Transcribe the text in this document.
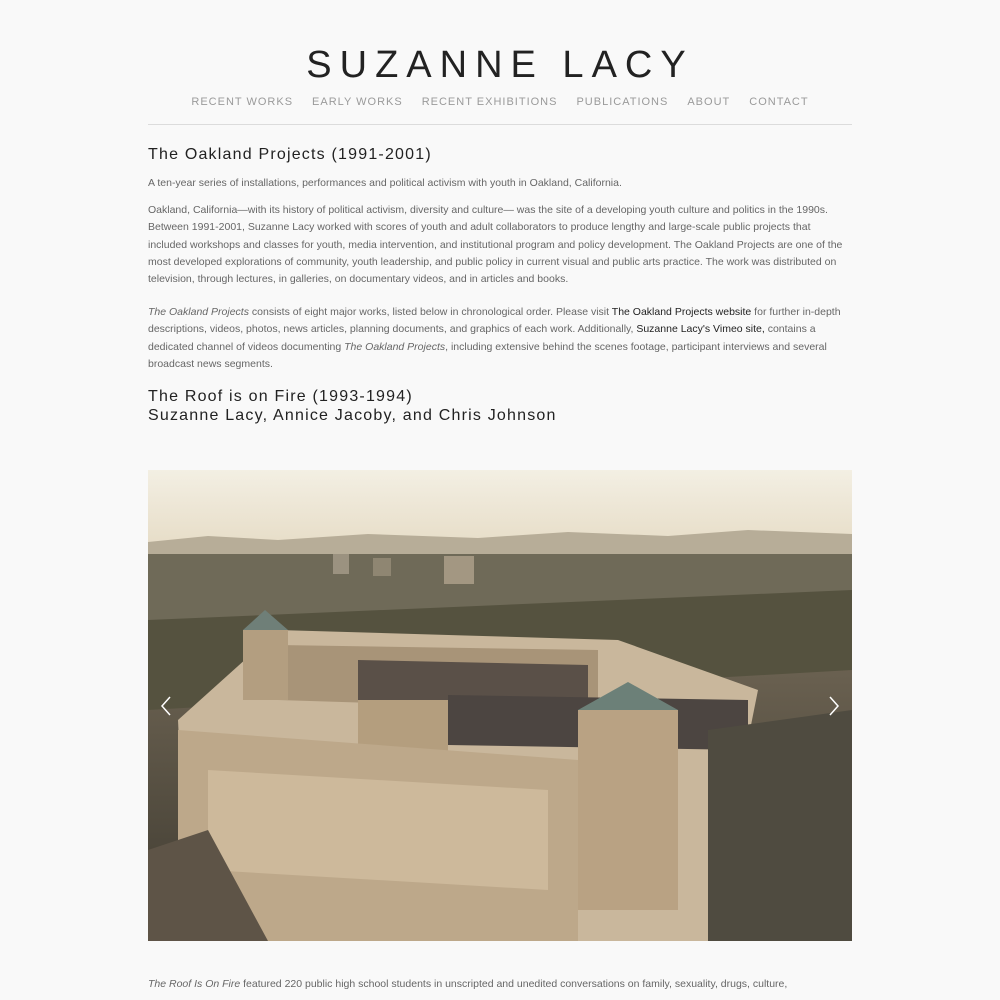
SUZANNE LACY
RECENT WORKS EARLY WORKS RECENT EXHIBITIONS PUBLICATIONS ABOUT CONTACT
The Oakland Projects (1991-2001)

A ten-year series of installations, performances and political activism with youth in Oakland, California.

Oakland, California—with its history of political activism, diversity and culture— was the site of a developing youth culture and politics in the 1990s. Between 1991-2001, Suzanne Lacy worked with scores of youth and adult collaborators to produce lengthy and large-scale public projects that included workshops and classes for youth, media intervention, and institutional program and policy development. The Oakland Projects are one of the most developed explorations of community, youth leadership, and public policy in current visual and public arts practice. The work was distributed on television, through lectures, in galleries, on documentary videos, and in articles and books.

The Oakland Projects consists of eight major works, listed below in chronological order. Please visit The Oakland Projects website for further in-depth descriptions, videos, photos, news articles, planning documents, and graphics of each work. Additionally, Suzanne Lacy's Vimeo site, contains a dedicated channel of videos documenting The Oakland Projects, including extensive behind the scenes footage, participant interviews and several broadcast news segments.

The Roof is on Fire (1993-1994)
Suzanne Lacy, Annice Jacoby, and Chris Johnson
The Roof Is On Fire featured 220 public high school students in unscripted and unedited conversations on family, sexuality, drugs, culture,
